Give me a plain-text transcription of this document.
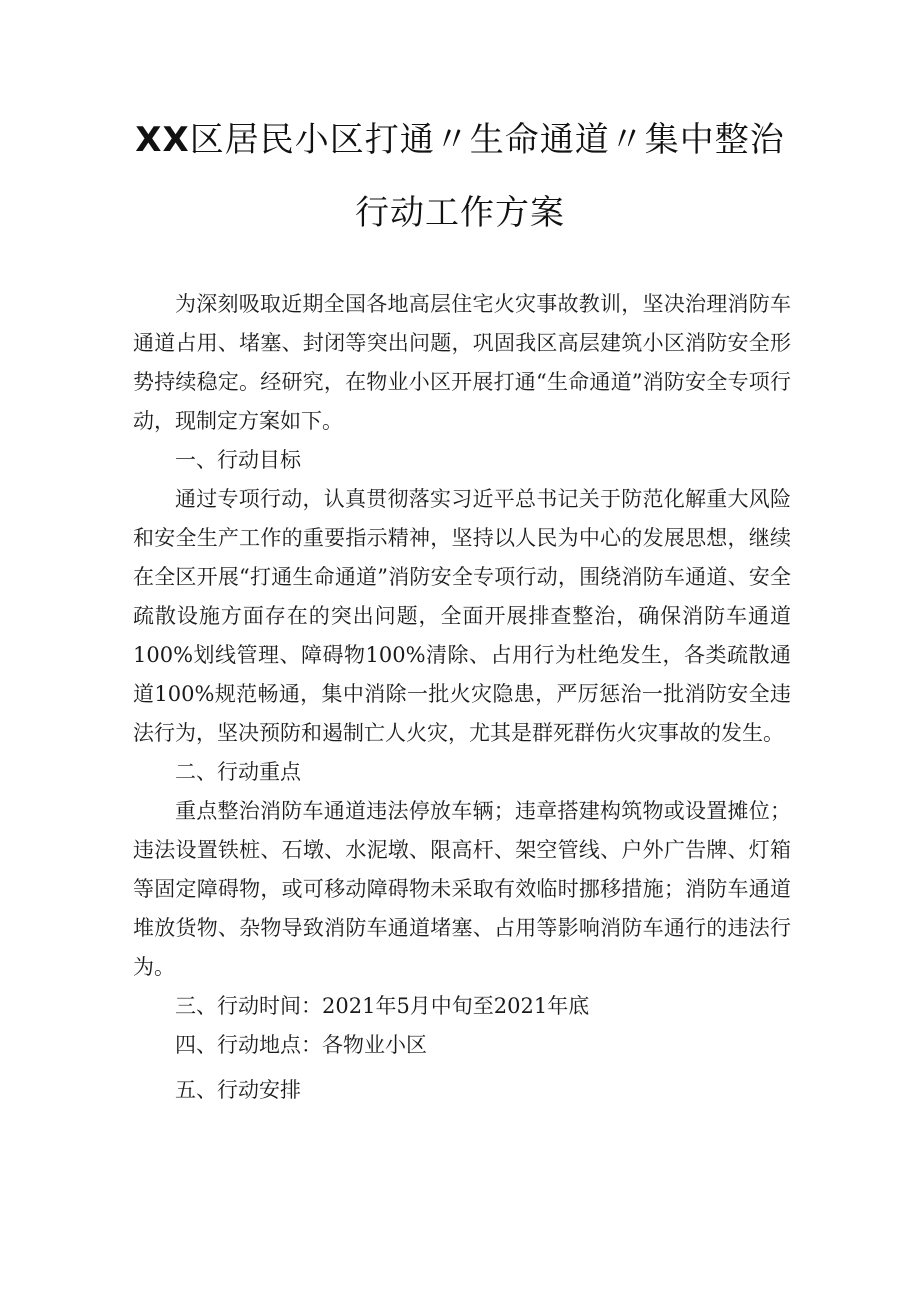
XX区居民小区打通〃生命通道〃集中整治
行动工作方案

为深刻吸取近期全国各地高层住宅火灾事故教训，坚决治理消防车通道占用、堵塞、封闭等突出问题，巩固我区高层建筑小区消防安全形势持续稳定。经研究，在物业小区开展打通“生命通道”消防安全专项行动，现制定方案如下。

一、行动目标

通过专项行动，认真贯彻落实习近平总书记关于防范化解重大风险和安全生产工作的重要指示精神，坚持以人民为中心的发展思想，继续在全区开展“打通生命通道”消防安全专项行动，围绕消防车通道、安全疏散设施方面存在的突出问题，全面开展排查整治，确保消防车通道100%划线管理、障碍物100%清除、占用行为杜绝发生，各类疏散通道100%规范畅通，集中消除一批火灾隐患，严厉惩治一批消防安全违法行为，坚决预防和遏制亡人火灾，尤其是群死群伤火灾事故的发生。

二、行动重点

重点整治消防车通道违法停放车辆；违章搭建构筑物或设置摊位；违法设置铁桩、石墩、水泥墩、限高杆、架空管线、户外广告牌、灯箱等固定障碍物，或可移动障碍物未采取有效临时挪移措施；消防车通道堆放货物、杂物导致消防车通道堵塞、占用等影响消防车通行的违法行为。

三、行动时间：2021年5月中旬至2021年底

四、行动地点：各物业小区

五、行动安排
